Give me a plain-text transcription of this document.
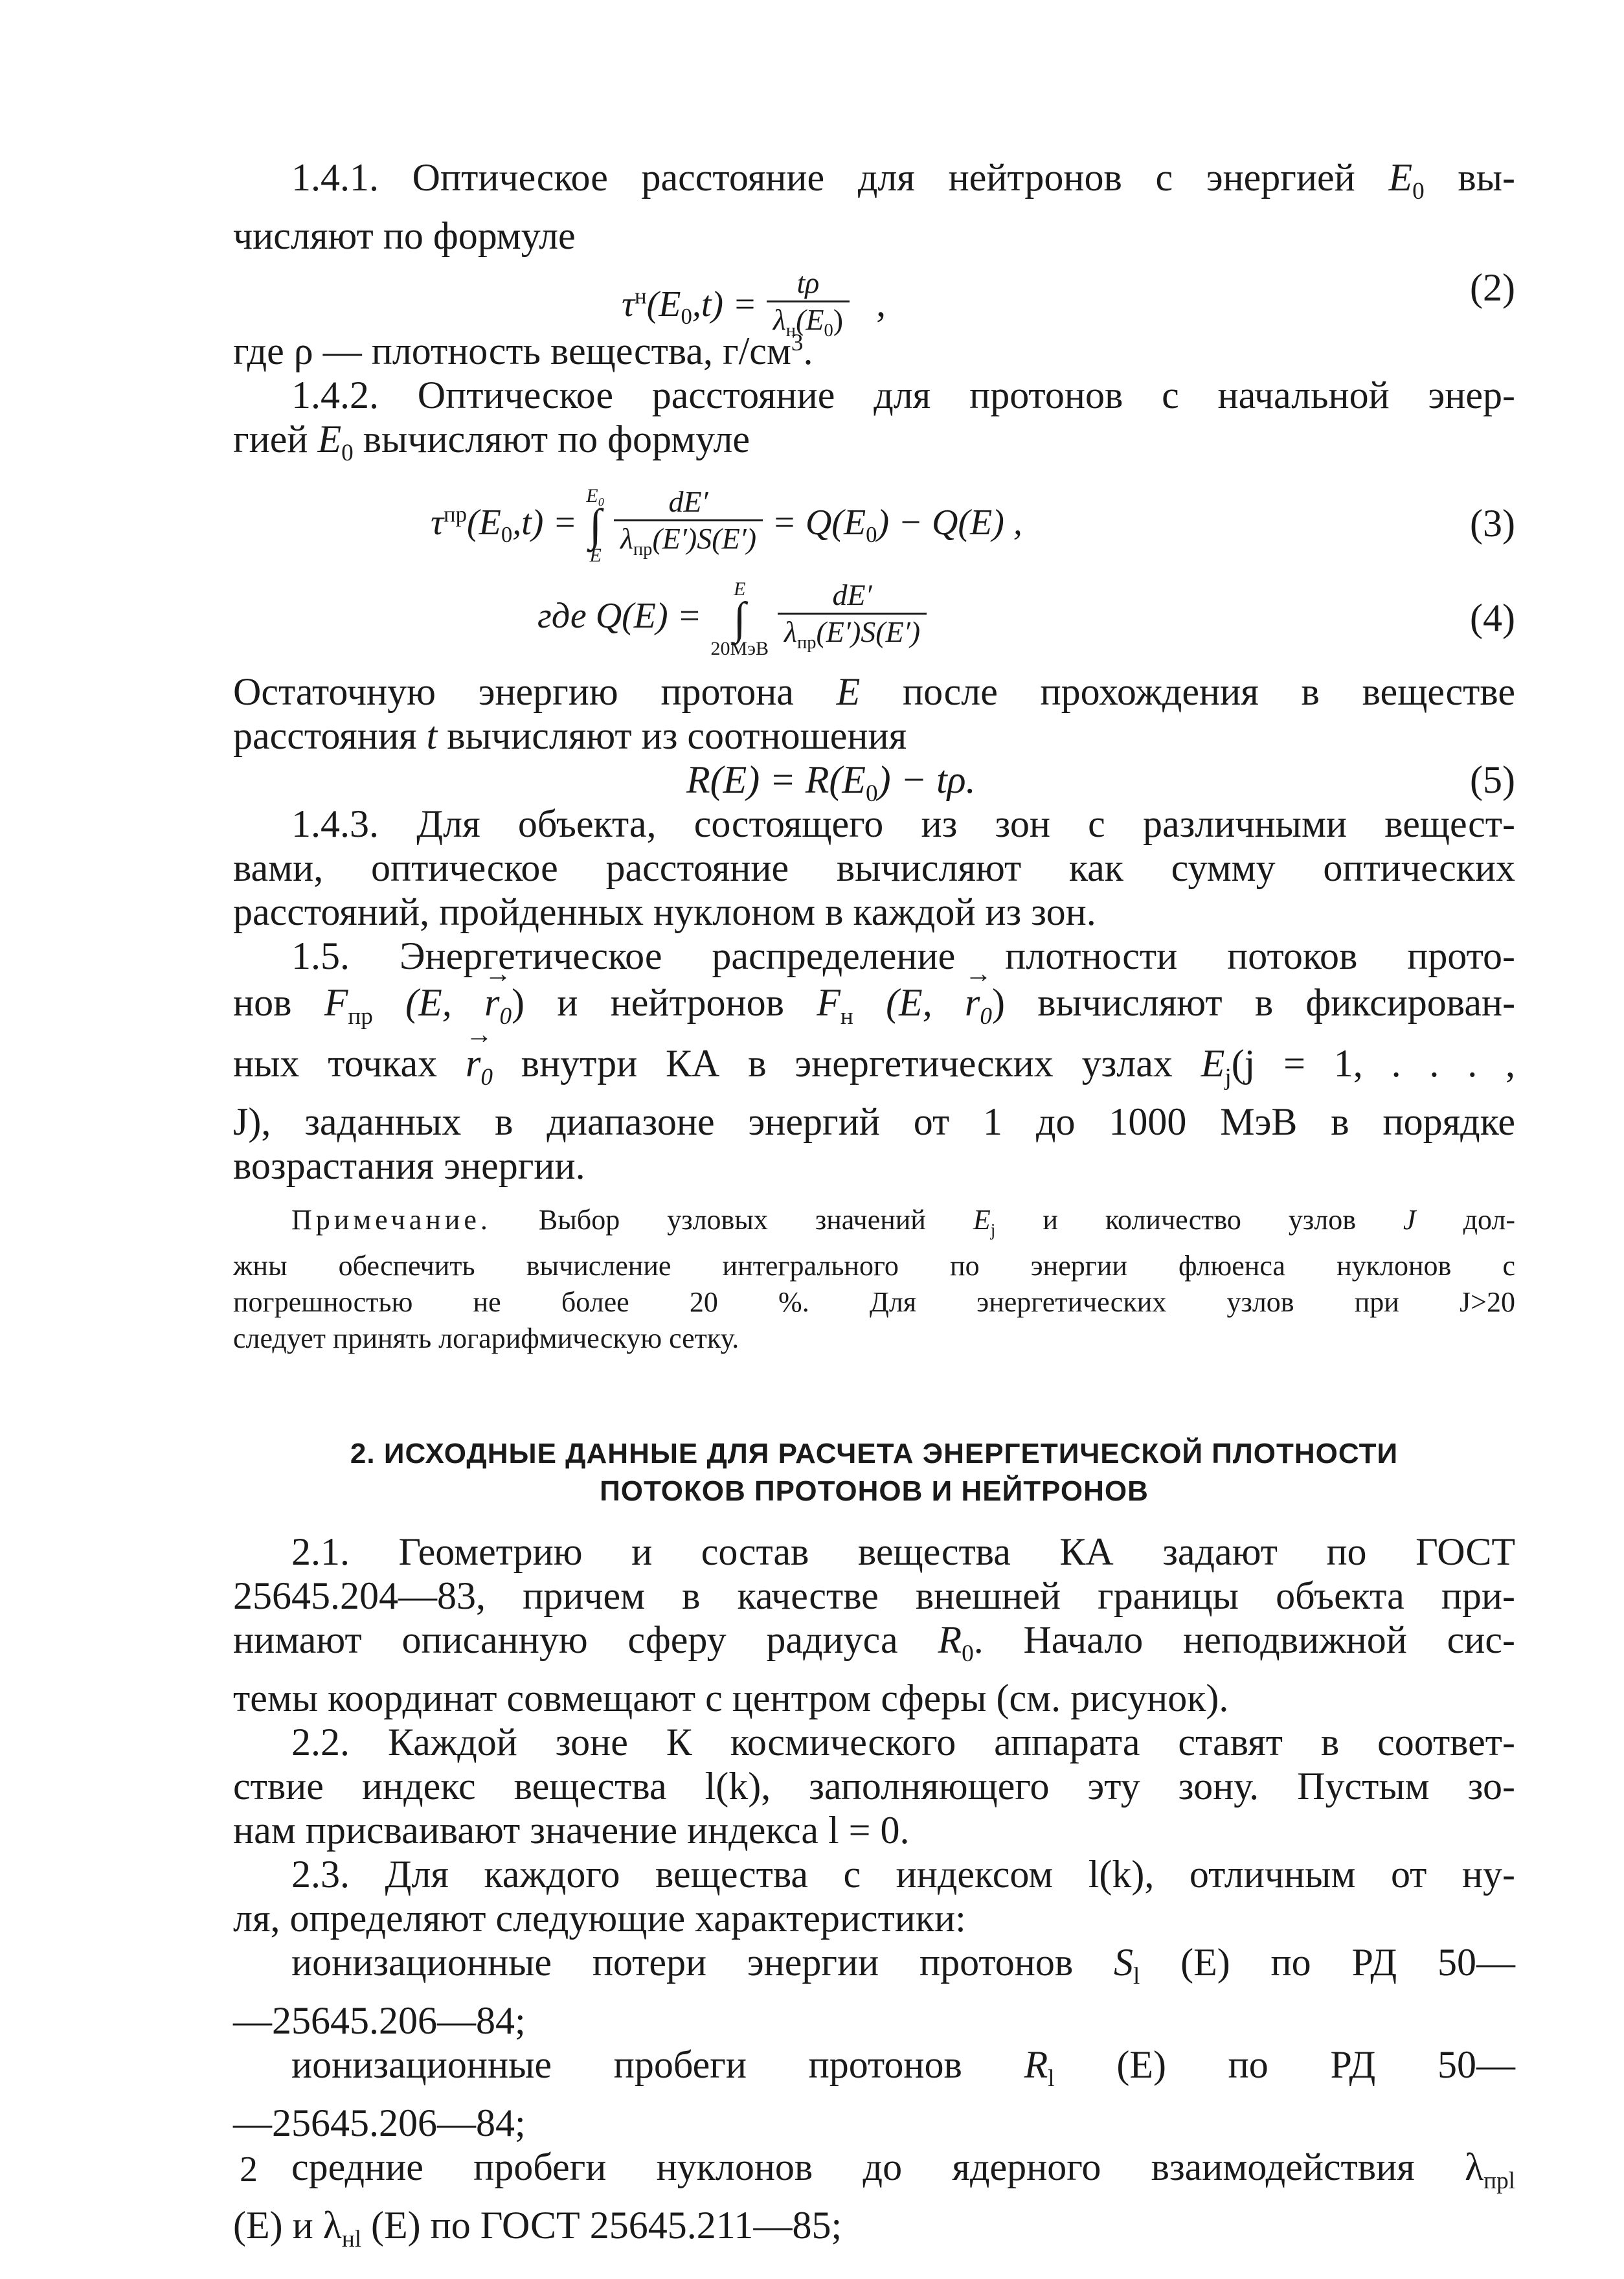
1.4.1. Оптическое расстояние для нейтронов с энергией $E_0$ вы-

числяют по формуле

$\tau^н(E_0,t) = \frac{t\rho}{\lambda_н(E_0)}$ ,	(2)

где ρ — плотность вещества, $г/см^3$.

1.4.2. Оптическое расстояние для протонов с начальной энер-

гией $E_0$ вычисляют по формуле

$\tau^{пр}(E_0,t) = E_0$
∫
E $\frac{dE'}{\lambda_{пр}(E')S(E')} = Q(E_0) - Q(E)$ ,	(3)
где Q(E) = E
∫
$20МэВ \frac{dE'}{\lambda_{пр}(E')S(E')}$	(4)

Остаточную энергию протона E после прохождения в веществе

расстояния t вычисляют из соотношения

$R(E) = R(E_0) - t\rho$.	(5)

1.4.3. Для объекта, состоящего из зон с различными вещест-

вами, оптическое расстояние вычисляют как сумму оптических

расстояний, пройденных нуклоном в каждой из зон.

1.5. Энергетическое распределение плотности потоков прото-

нов $F_{пр}$ (E, → $r_0$) и нейтронов $F_н$ (E, → $r_0$) вычисляют в фиксирован-

ных точках → $r_0$ внутри КА в энергетических узлах $E_j(j = 1$, . . . ,

J), заданных в диапазоне энергий от 1 до 1000 МэВ в порядке

возрастания энергии.

Примечание. Выбор узловых значений $E_j$ и количество узлов J дол-

жны обеспечить вычисление интегрального по энергии флюенса нуклонов с

погрешностью не более 20 %. Для энергетических узлов при J>20

следует принять логарифмическую сетку.

2. ИСХОДНЫЕ ДАННЫЕ ДЛЯ РАСЧЕТА ЭНЕРГЕТИЧЕСКОЙ ПЛОТНОСТИ
ПОТОКОВ ПРОТОНОВ И НЕЙТРОНОВ

2.1. Геометрию и состав вещества КА задают по ГОСТ

25645.204—83, причем в качестве внешней границы объекта при-

нимают описанную сферу радиуса $R_0$. Начало неподвижной сис-

темы координат совмещают с центром сферы (см. рисунок).

2.2. Каждой зоне К космического аппарата ставят в соответ-

ствие индекс вещества l(k), заполняющего эту зону. Пустым зо-

нам присваивают значение индекса l = 0.

2.3. Для каждого вещества с индексом l(k), отличным от ну-

ля, определяют следующие характеристики:

ионизационные потери энергии протонов $S_l$ (E) по РД 50—

—25645.206—84;

ионизационные пробеги протонов $R_l$ (E) по РД 50—

—25645.206—84;

средние пробеги нуклонов до ядерного взаимодействия $\lambda_{прl}$

(E) и $\lambda_{нl}$ (E) по ГОСТ 25645.211—85;

2
